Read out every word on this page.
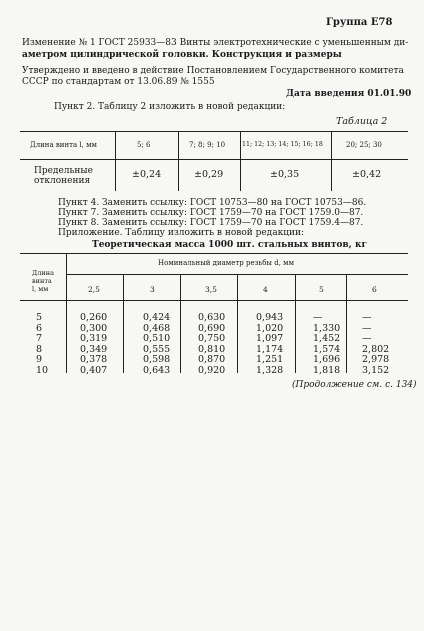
Группа Е78
Изменение № 1 ГОСТ 25933—83 Винты электротехнические с уменьшенным ди-
аметром цилиндрической головки. Конструкция и размеры
Утверждено и введено в действие Постановлением Государственного комитета
СССР по стандартам от 13.06.89 № 1555
Дата введения 01.01.90
Пункт 2. Таблицу 2 изложить в новой редакции:
Таблица 2
Длина винта l, мм	5; 6	7; 8; 9; 10	11; 12; 13; 14; 15; 16; 18	20; 25; 30
Предельные
отклонения
±0,24	±0,29	±0,35	±0,42
Пункт 4. Заменить ссылку: ГОСТ 10753—80 на ГОСТ 10753—86.
Пункт 7. Заменить ссылку: ГОСТ 1759—70 на ГОСТ 1759.0—87.
Пункт 8. Заменить ссылку: ГОСТ 1759—70 на ГОСТ 1759.4—87.
Приложение. Таблицу изложить в новой редакции:
Теоретическая масса 1000 шт. стальных винтов, кг
Номинальный диаметр резьбы d, мм
Длина
винта
l, мм	2,5	3	3,5	4	5	6
5	0,260	0,424	0,630	0,943	—	—
6	0,300	0,468	0,690	1,020	1,330 —
7	0,319	0,510	0,750	1,097	1,452 —
8	0,349	0,555	0,810	1,174	1,574 2,802
9	0,378	0,598	0,870	1,251	1,696 2,978
10	0,407	0,643	0,920	1,328	1,818 3,152
(Продолжение см. с. 134)
